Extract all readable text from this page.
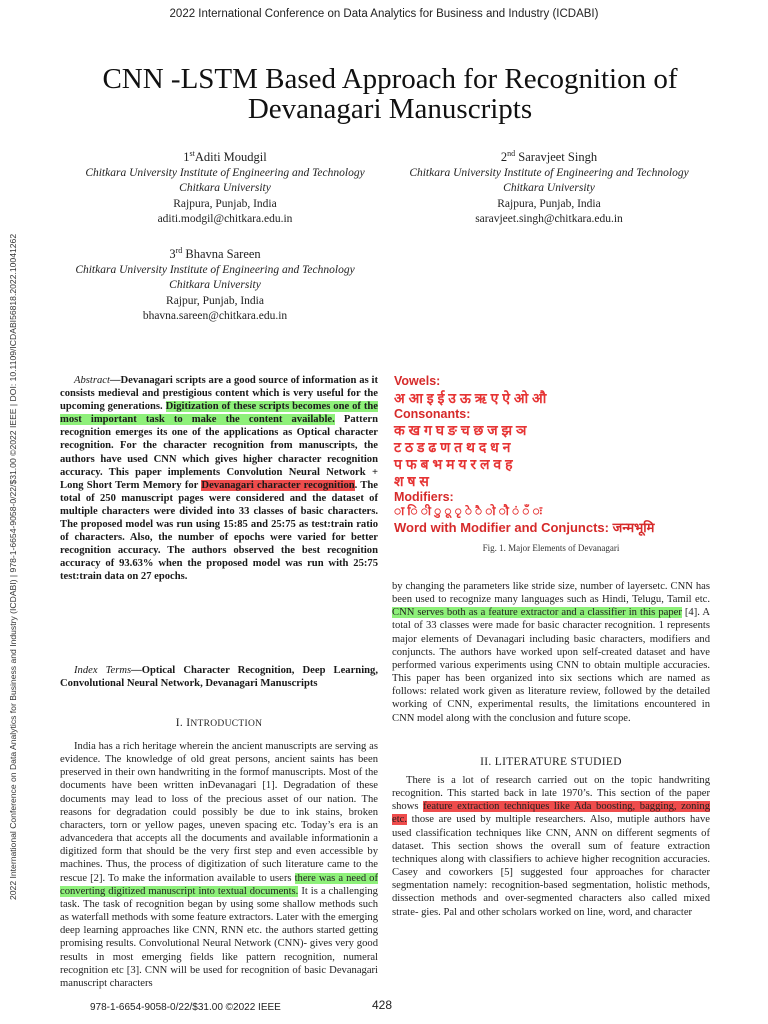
2022 International Conference on Data Analytics for Business and Industry (ICDABI)
2022 International Conference on Data Analytics for Business and Industry (ICDABI) | 978-1-6654-9058-0/22/$31.00 ©2022 IEEE | DOI: 10.1109/ICDABI56818.2022.10041262
CNN -LSTM Based Approach for Recognition of
Devanagari Manuscripts
1stAditi Moudgil
Chitkara University Institute of Engineering and Technology
Chitkara University
Rajpura, Punjab, India
aditi.modgil@chitkara.edu.in
2nd Saravjeet Singh
Chitkara University Institute of Engineering and Technology
Chitkara University
Rajpura, Punjab, India
saravjeet.singh@chitkara.edu.in
3rd Bhavna Sareen
Chitkara University Institute of Engineering and Technology
Chitkara University
Rajpur, Punjab, India
bhavna.sareen@chitkara.edu.in

Abstract—Devanagari scripts are a good source of information as it consists medieval and prestigious content which is very useful for the upcoming generations. Digitization of these scripts becomes one of the most important task to make the content available. Pattern recognition emerges its one of the applications as Optical character recognition. For the character recognition from manuscripts, the authors have used CNN which gives higher character recognition accuracy. This paper implements Convolution Neural Network + Long Short Term Memory for Devanagari character recognition. The total of 250 manuscript pages were considered and the dataset of multiple characters were divided into 33 classes of basic characters. The proposed model was run using 15:85 and 25:75 as test:train ratio of characters. Also, the number of epochs were varied for better recognition accuracy. The authors observed the best recognition accuracy of 93.63% when the proposed model was run with 25:75 test:train data on 27 epochs.

Index Terms—Optical Character Recognition, Deep Learning, Convolutional Neural Network, Devanagari Manuscripts

I. INTRODUCTION

India has a rich heritage wherein the ancient manuscripts are serving as evidence. The knowledge of old great persons, ancient saints has been preserved in their own handwriting in the formof manuscripts. Most of the documents have been written inDevanagari [1]. Degradation of these documents may lead to loss of the precious asset of our nation. The reasons for degradation could possibly be due to ink stains, broken characters, torn or yellow pages, uneven spacing etc. Today’s era is an advancedera that accepts all the documents and available informationin a digitized form that should be the very first step and even accessible by machines. Thus, the process of digitization of such literature came to the rescue [2]. To make the information available to users there was a need of converting digitized manuscript into textual documents. It is a challenging task. The task of recognition began by using some shallow methods such as waterfall methods with some feature extractors. Later with the emerging deep learning approaches like CNN, RNN etc. the authors started getting promising results. Convolutional Neural Network (CNN)- gives very good results in most emerging fields like pattern recognition, numeral recognition etc [3]. CNN will be used for recognition of basic Devanagari manuscript characters

Vowels:
अ आ इ ई उ ऊ ऋ ए ऐ ओ औ
Consonants:
क ख ग घ ङ च छ ज झ ञ
ट ठ ड ढ ण त थ द ध न
प फ ब भ म य र ल व ह
श ष स
Modifiers:
ा ि ी ु ू ृ े ै ो ौ ं ँ ः
Word with Modifier and Conjuncts: जन्मभूमि
Fig. 1. Major Elements of Devanagari

by changing the parameters like stride size, number of layersetc. CNN has been used to recognize many languages such as Hindi, Telugu, Tamil etc. CNN serves both as a feature extractor and a classifier in this paper [4]. A total of 33 classes were made for basic character recognition. 1 represents major elements of Devanagari including basic characters, modifiers and conjuncts. The authors have worked upon self-created dataset and have performed various experiments using CNN to obtain multiple accuracies. This paper has been organized into six sections which are named as follows: related work given as literature review, followed by the detailed working of CNN, experimental results, the limitations encountered in CNN model along with the conclusion and future scope.

II. LITERATURE STUDIED

There is a lot of research carried out on the topic handwriting recognition. This started back in late 1970’s. This section of the paper shows feature extraction techniques like Ada boosting, bagging, zoning etc. those are used by multiple researchers. Also, mutiple authors have used classification techniques like CNN, ANN on different segments of dataset. This section shows the overall sum of feature extraction techniques along with classifiers to achieve higher recognition accuracies. Casey and coworkers [5] suggested four approaches for character segmentation namely: recognition-based segmentation, holistic methods, dissection methods and over-segmented characters also called mixed strate- gies. Pal and other scholars worked on line, word, and character

978-1-6654-9058-0/22/$31.00 ©2022 IEEE	428
